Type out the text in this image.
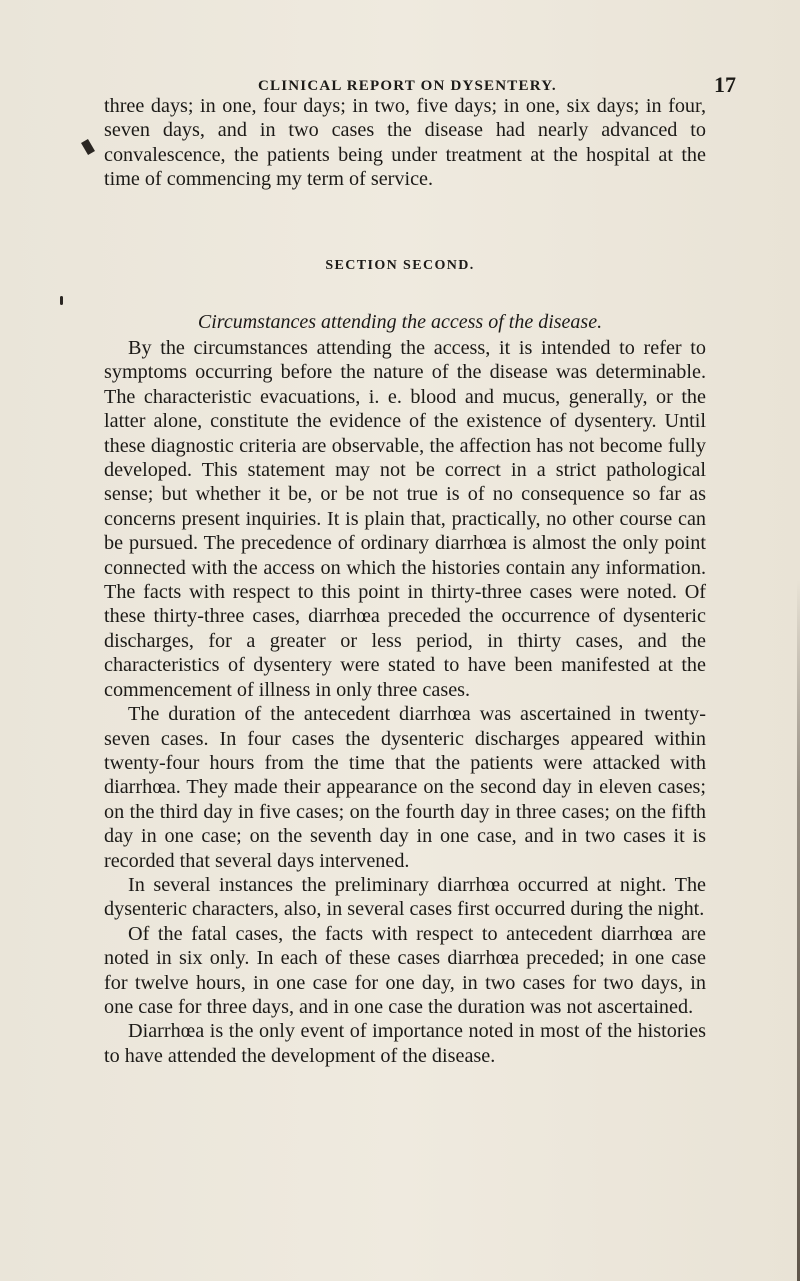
CLINICAL REPORT ON DYSENTERY.	17

three days; in one, four days; in two, five days; in one, six days; in four, seven days, and in two cases the disease had nearly advanced to convalescence, the patients being under treatment at the hospital at the time of commencing my term of service.

SECTION SECOND.
Circumstances attending the access of the disease.

By the circumstances attending the access, it is intended to refer to symptoms occurring before the nature of the disease was determinable. The characteristic evacuations, i. e. blood and mucus, generally, or the latter alone, constitute the evidence of the existence of dysentery. Until these diagnostic criteria are observable, the affection has not become fully developed. This statement may not be correct in a strict pathological sense; but whether it be, or be not true is of no consequence so far as concerns present inquiries. It is plain that, practically, no other course can be pursued. The precedence of ordinary diarrhœa is almost the only point connected with the access on which the histories contain any information. The facts with respect to this point in thirty-three cases were noted. Of these thirty-three cases, diarrhœa preceded the occurrence of dysenteric discharges, for a greater or less period, in thirty cases, and the characteristics of dysentery were stated to have been manifested at the commencement of illness in only three cases.

The duration of the antecedent diarrhœa was ascertained in twenty-seven cases. In four cases the dysenteric discharges appeared within twenty-four hours from the time that the patients were attacked with diarrhœa. They made their appearance on the second day in eleven cases; on the third day in five cases; on the fourth day in three cases; on the fifth day in one case; on the seventh day in one case, and in two cases it is recorded that several days intervened.

In several instances the preliminary diarrhœa occurred at night. The dysenteric characters, also, in several cases first occurred during the night.

Of the fatal cases, the facts with respect to antecedent diarrhœa are noted in six only. In each of these cases diarrhœa preceded; in one case for twelve hours, in one case for one day, in two cases for two days, in one case for three days, and in one case the duration was not ascertained.

Diarrhœa is the only event of importance noted in most of the histories to have attended the development of the disease.
